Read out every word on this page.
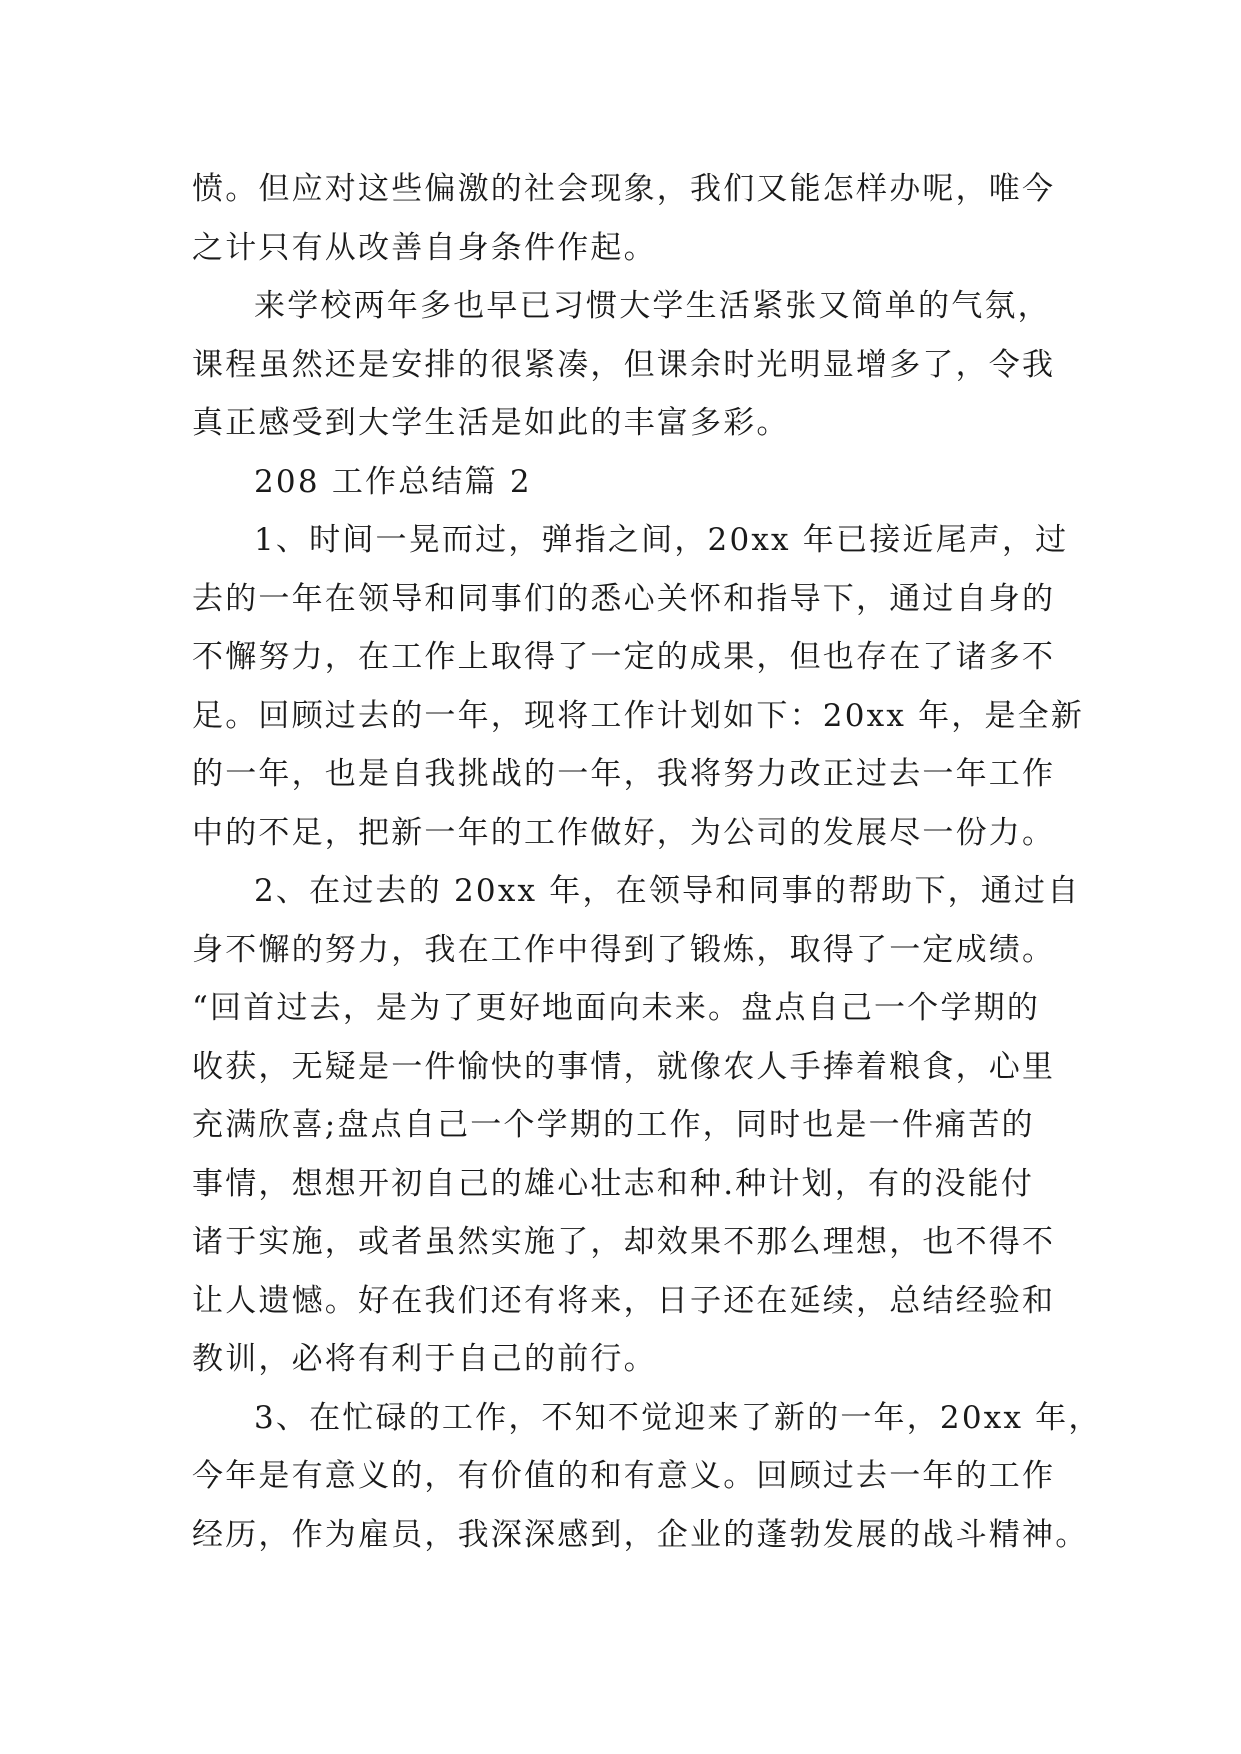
愤。但应对这些偏激的社会现象，我们又能怎样办呢，唯今
之计只有从改善自身条件作起。
来学校两年多也早已习惯大学生活紧张又简单的气氛，
课程虽然还是安排的很紧凑，但课余时光明显增多了，令我
真正感受到大学生活是如此的丰富多彩。
208 工作总结篇 2
1、时间一晃而过，弹指之间，20xx 年已接近尾声，过
去的一年在领导和同事们的悉心关怀和指导下，通过自身的
不懈努力，在工作上取得了一定的成果，但也存在了诸多不
足。回顾过去的一年，现将工作计划如下：20xx 年，是全新
的一年，也是自我挑战的一年，我将努力改正过去一年工作
中的不足，把新一年的工作做好，为公司的发展尽一份力。
2、在过去的 20xx 年，在领导和同事的帮助下，通过自
身不懈的努力，我在工作中得到了锻炼，取得了一定成绩。
“回首过去，是为了更好地面向未来。盘点自己一个学期的
收获，无疑是一件愉快的事情，就像农人手捧着粮食，心里
充满欣喜;盘点自己一个学期的工作，同时也是一件痛苦的
事情，想想开初自己的雄心壮志和种.种计划，有的没能付
诸于实施，或者虽然实施了，却效果不那么理想，也不得不
让人遗憾。好在我们还有将来，日子还在延续，总结经验和
教训，必将有利于自己的前行。
3、在忙碌的工作，不知不觉迎来了新的一年，20xx 年，
今年是有意义的，有价值的和有意义。回顾过去一年的工作
经历，作为雇员，我深深感到，企业的蓬勃发展的战斗精神。
